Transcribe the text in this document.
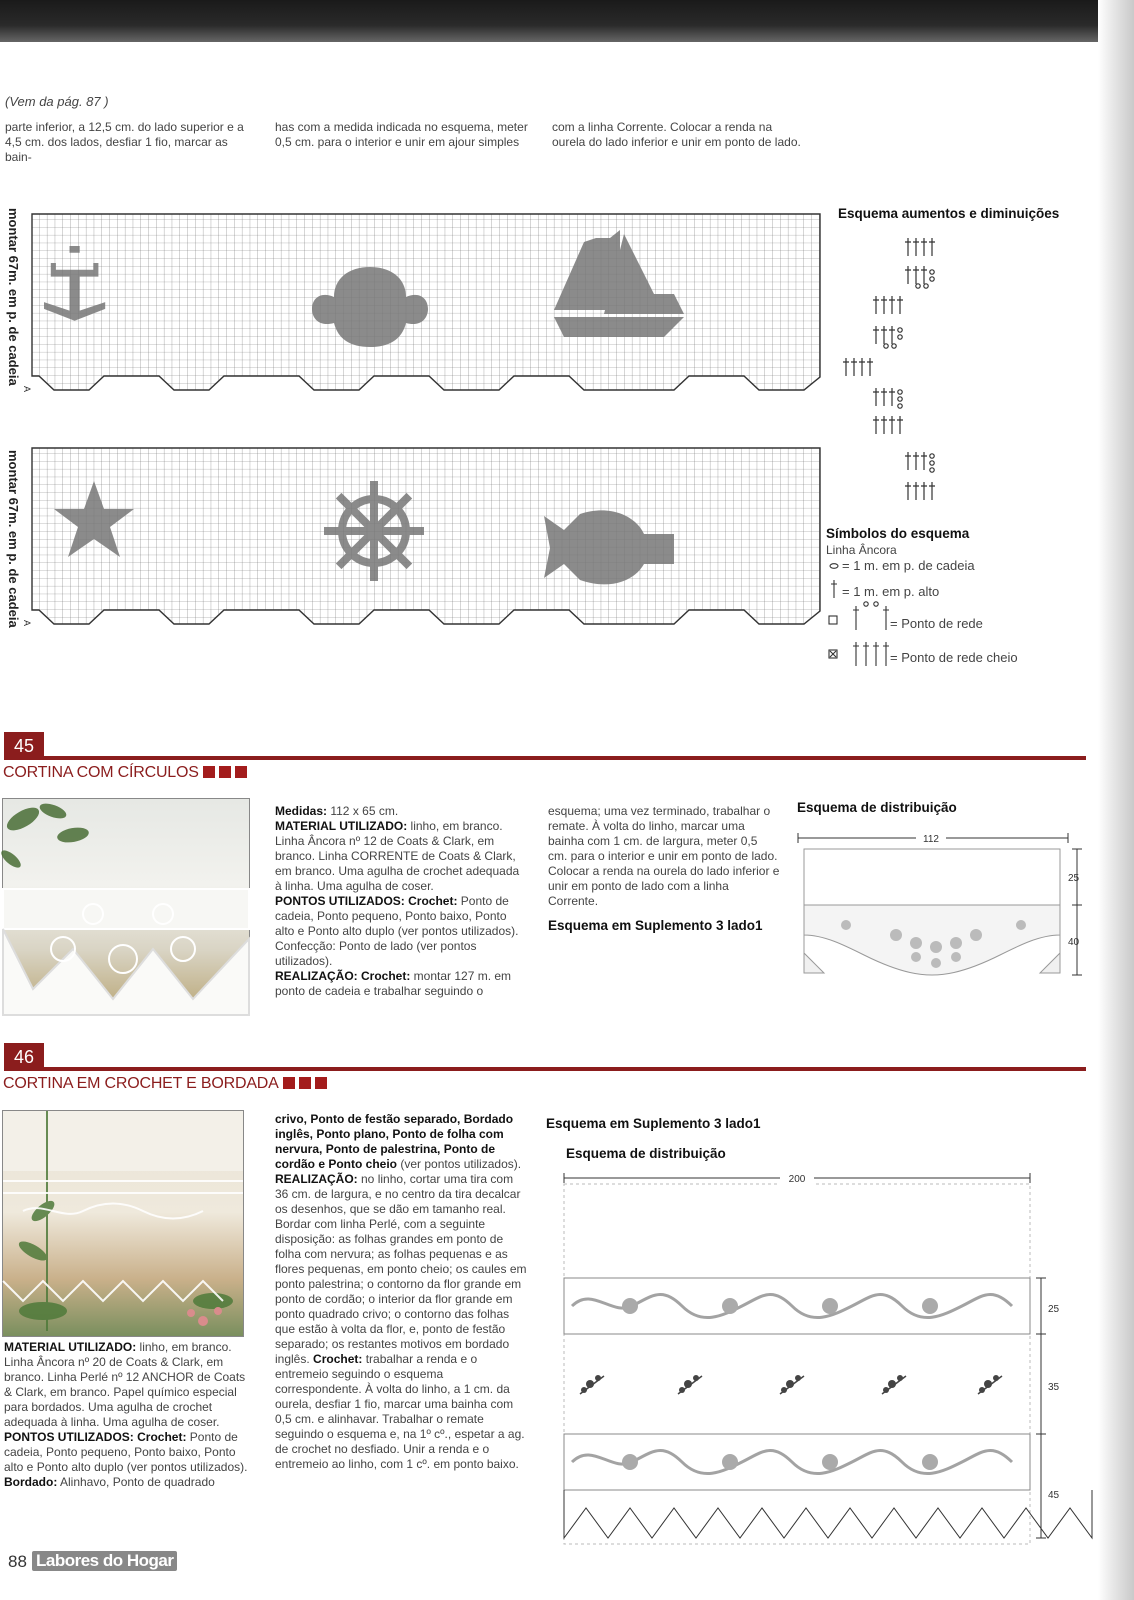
(Vem da pág. 87 )
parte inferior, a 12,5 cm. do lado superior e a 4,5 cm. dos lados, desfiar 1 fio, marcar as bain-
has com a medida indicada no esquema, meter 0,5 cm. para o interior e unir em ajour simples
com a linha Corrente. Colocar a renda na ourela do lado inferior e unir em ponto de lado.
montar 67m. em p. de cadeia
montar 67m. em p. de cadeia
A
A
Esquema aumentos e diminuições
Símbolos do esquema
Linha Âncora
= 1 m. em p. de cadeia
= 1 m. em p. alto
= Ponto de rede
= Ponto de rede cheio
45
CORTINA COM CÍRCULOS
Medidas: 112 x 65 cm.
MATERIAL UTILIZADO: linho, em branco. Linha Âncora nº 12 de Coats & Clark, em branco. Linha CORRENTE de Coats & Clark, em branco. Uma agulha de crochet adequada à linha. Uma agulha de coser.
PONTOS UTILIZADOS: Crochet: Ponto de cadeia, Ponto pequeno, Ponto baixo, Ponto alto e Ponto alto duplo (ver pontos utilizados). Confecção: Ponto de lado (ver pontos utilizados).
REALIZAÇÃO: Crochet: montar 127 m. em ponto de cadeia e trabalhar seguindo o
esquema; uma vez terminado, trabalhar o remate. À volta do linho, marcar uma bainha com 1 cm. de largura, meter 0,5 cm. para o interior e unir em ponto de lado. Colocar a renda na ourela do lado inferior e unir em ponto de lado com a linha Corrente.
Esquema em Suplemento 3 lado1
Esquema de distribuição
112
25
40
46
CORTINA EM CROCHET E BORDADA
MATERIAL UTILIZADO: linho, em branco. Linha Âncora nº 20 de Coats & Clark, em branco. Linha Perlé nº 12 ANCHOR de Coats & Clark, em branco. Papel químico especial para bordados. Uma agulha de crochet adequada à linha. Uma agulha de coser.
PONTOS UTILIZADOS: Crochet: Ponto de cadeia, Ponto pequeno, Ponto baixo, Ponto alto e Ponto alto duplo (ver pontos utilizados).
Bordado: Alinhavo, Ponto de quadrado
crivo, Ponto de festão separado, Bordado inglês, Ponto plano, Ponto de folha com nervura, Ponto de palestrina, Ponto de cordão e Ponto cheio (ver pontos utilizados).
REALIZAÇÃO: no linho, cortar uma tira com 36 cm. de largura, e no centro da tira decalcar os desenhos, que se dão em tamanho real. Bordar com linha Perlé, com a seguinte disposição: as folhas grandes em ponto de folha com nervura; as folhas pequenas e as flores pequenas, em ponto cheio; os caules em ponto palestrina; o contorno da flor grande em ponto de cordão; o interior da flor grande em ponto quadrado crivo; o contorno das folhas que estão à volta da flor, e, ponto de festão separado; os restantes motivos em bordado inglês. Crochet: trabalhar a renda e o entremeio seguindo o esquema correspondente. À volta do linho, a 1 cm. da ourela, desfiar 1 fio, marcar uma bainha com 0,5 cm. e alinhavar. Trabalhar o remate seguindo o esquema e, na 1º cº., espetar a ag. de crochet no desfiado. Unir a renda e o entremeio ao linho, com 1 cº. em ponto baixo.
Esquema em Suplemento 3 lado1
Esquema de distribuição
200
25
35
45
88 Labores do Hogar
